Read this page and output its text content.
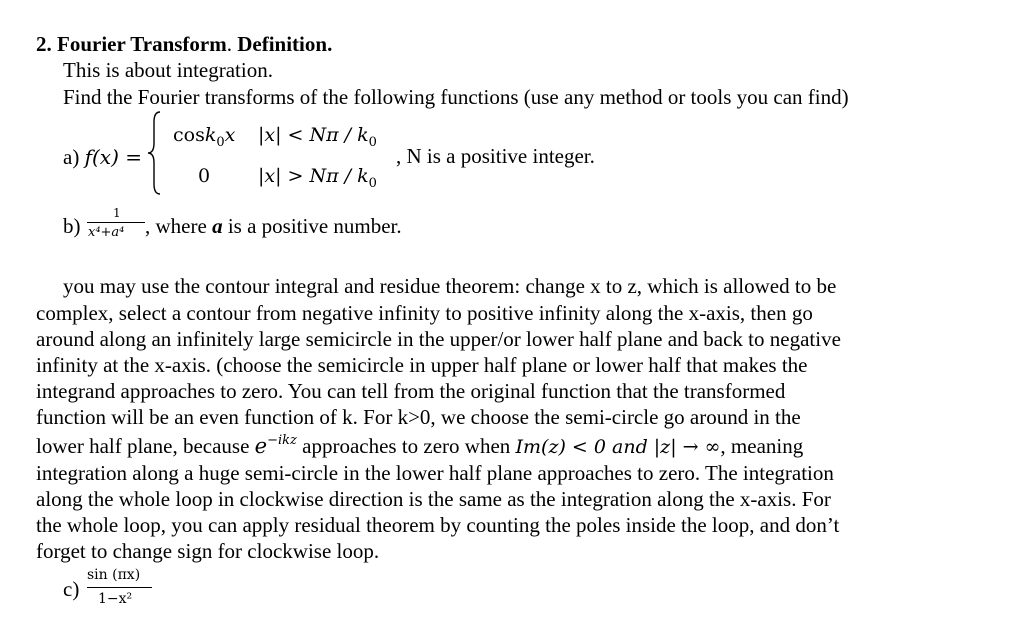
2. Fourier Transform. Definition.
This is about integration.
Find the Fourier transforms of the following functions (use any method or tools you can find)
a) f(x) =
cosk$_0$x $|x| < N\pi / k_0$
0	$|x| > N\pi / k_0$
, N is a positive integer.
b)
1
x⁴+a⁴ , where a is a positive number.
you may use the contour integral and residue theorem: change x to z, which is allowed to be
complex, select a contour from negative infinity to positive infinity along the x-axis, then go
around along an infinitely large semicircle in the upper/or lower half plane and back to negative
infinity at the x-axis. (choose the semicircle in upper half plane or lower half that makes the
integrand approaches to zero. You can tell from the original function that the transformed
function will be an even function of k. For k>0, we choose the semi-circle go around in the
lower half plane, because $e^{-ikz}$ approaches to zero when Im(z) < 0 and |z| → ∞, meaning
integration along a huge semi-circle in the lower half plane approaches to zero. The integration
along the whole loop in clockwise direction is the same as the integration along the x-axis. For
the whole loop, you can apply residual theorem by counting the poles inside the loop, and don’t
forget to change sign for clockwise loop.
c)
sin (πx)
1−x²
